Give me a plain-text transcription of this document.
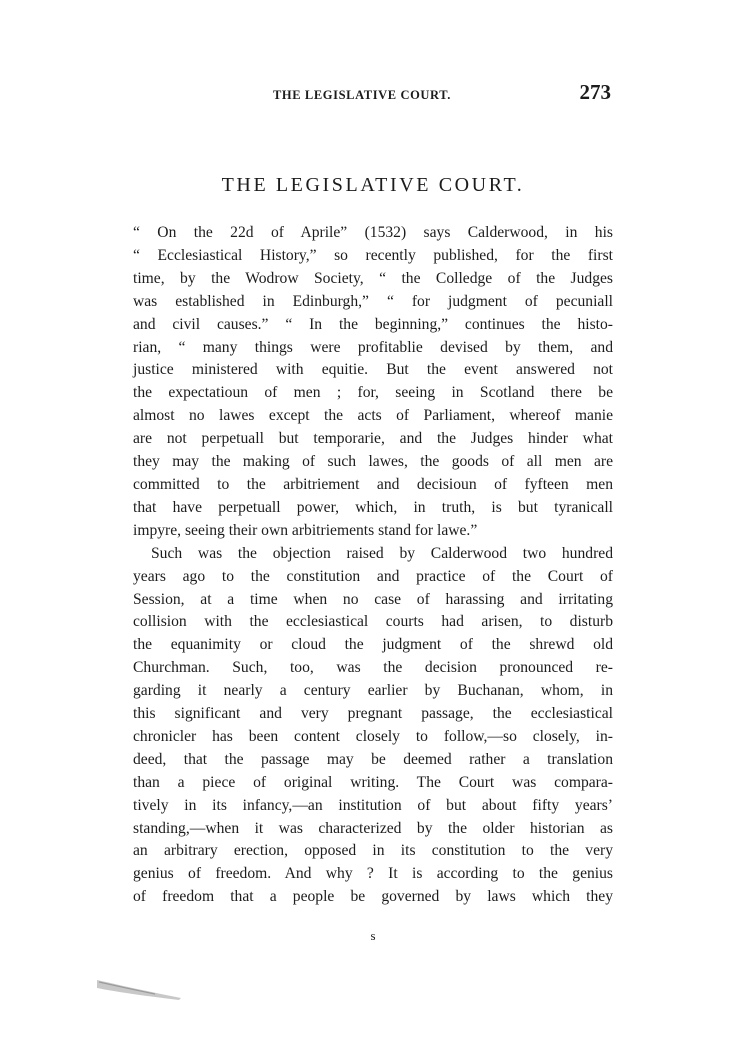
THE LEGISLATIVE COURT.	273
THE LEGISLATIVE COURT.

“ On the 22d of Aprile” (1532) says Calderwood, in his
“ Ecclesiastical History,” so recently published, for the first
time, by the Wodrow Society, “ the Colledge of the Judges
was established in Edinburgh,” “ for judgment of pecuniall
and civil causes.” “ In the beginning,” continues the histo-
rian, “ many things were profitablie devised by them, and
justice ministered with equitie. But the event answered not
the expectatioun of men ; for, seeing in Scotland there be
almost no lawes except the acts of Parliament, whereof manie
are not perpetuall but temporarie, and the Judges hinder what
they may the making of such lawes, the goods of all men are
committed to the arbitriement and decisioun of fyfteen men
that have perpetuall power, which, in truth, is but tyranicall
impyre, seeing their own arbitriements stand for lawe.”

Such was the objection raised by Calderwood two hundred
years ago to the constitution and practice of the Court of
Session, at a time when no case of harassing and irritating
collision with the ecclesiastical courts had arisen, to disturb
the equanimity or cloud the judgment of the shrewd old
Churchman. Such, too, was the decision pronounced re-
garding it nearly a century earlier by Buchanan, whom, in
this significant and very pregnant passage, the ecclesiastical
chronicler has been content closely to follow,—so closely, in-
deed, that the passage may be deemed rather a translation
than a piece of original writing. The Court was compara-
tively in its infancy,—an institution of but about fifty years’
standing,—when it was characterized by the older historian as
an arbitrary erection, opposed in its constitution to the very
genius of freedom. And why ? It is according to the genius
of freedom that a people be governed by laws which they

s
